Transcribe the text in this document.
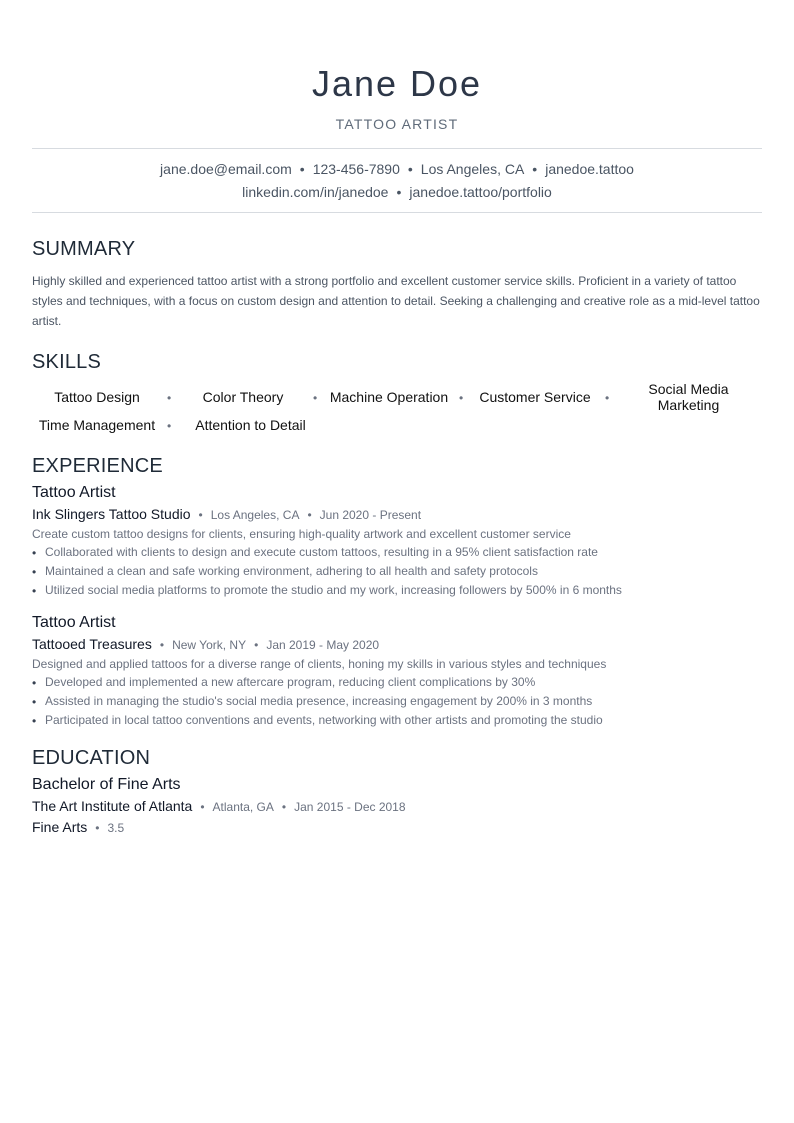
Jane Doe
TATTOO ARTIST
jane.doe@email.com • 123-456-7890 • Los Angeles, CA • janedoe.tattoo
linkedin.com/in/janedoe • janedoe.tattoo/portfolio
SUMMARY
Highly skilled and experienced tattoo artist with a strong portfolio and excellent customer service skills. Proficient in a variety of tattoo styles and techniques, with a focus on custom design and attention to detail. Seeking a challenging and creative role as a mid-level tattoo artist.
SKILLS
Tattoo Design	•	Color Theory	• Machine Operation •	Customer Service	•
Social Media Marketing
Time Management •	Attention to Detail
EXPERIENCE
Tattoo Artist
Ink Slingers Tattoo Studio • Los Angeles, CA • Jun 2020 - Present
Create custom tattoo designs for clients, ensuring high-quality artwork and excellent customer service
• Collaborated with clients to design and execute custom tattoos, resulting in a 95% client satisfaction rate
• Maintained a clean and safe working environment, adhering to all health and safety protocols
• Utilized social media platforms to promote the studio and my work, increasing followers by 500% in 6 months
Tattoo Artist
Tattooed Treasures • New York, NY • Jan 2019 - May 2020
Designed and applied tattoos for a diverse range of clients, honing my skills in various styles and techniques
• Developed and implemented a new aftercare program, reducing client complications by 30%
• Assisted in managing the studio's social media presence, increasing engagement by 200% in 3 months
• Participated in local tattoo conventions and events, networking with other artists and promoting the studio
EDUCATION
Bachelor of Fine Arts
The Art Institute of Atlanta • Atlanta, GA • Jan 2015 - Dec 2018
Fine Arts • 3.5
